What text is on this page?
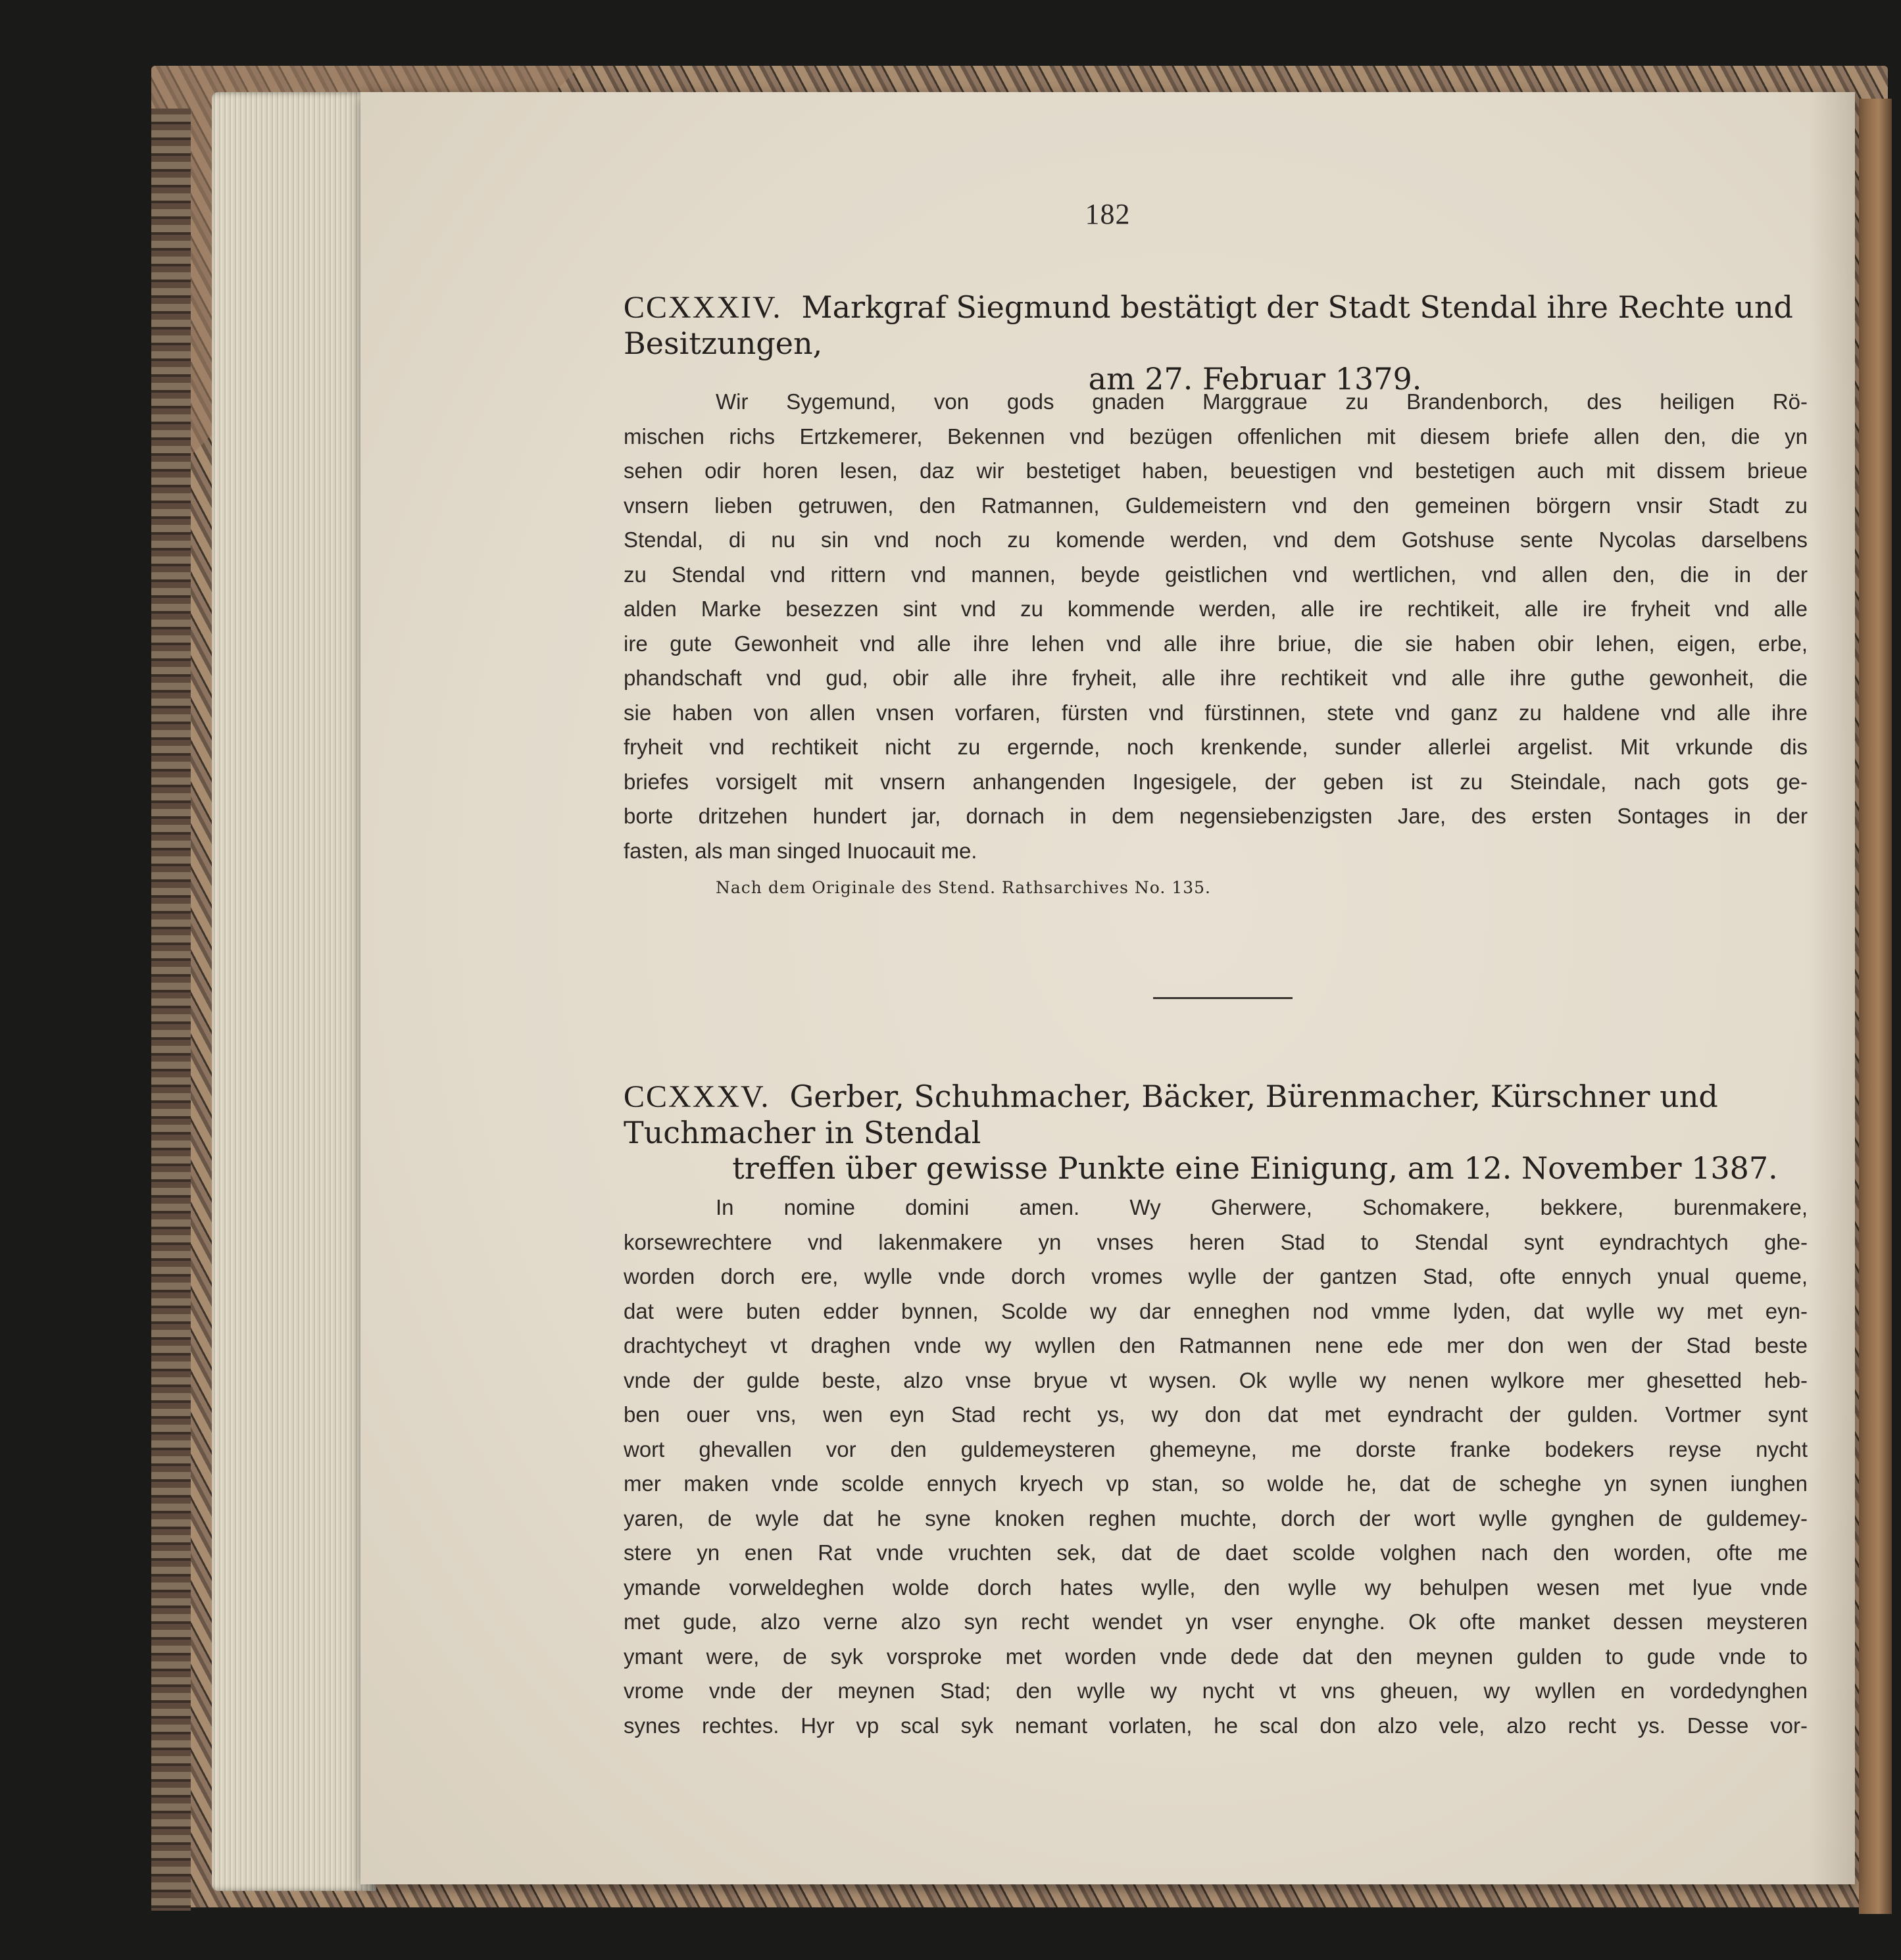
182
CCXXXIV. Markgraf Siegmund bestätigt der Stadt Stendal ihre Rechte und Besitzungen,
am 27. Februar 1379.
Wir Sygemund, von gods gnaden Marggraue zu Brandenborch, des heiligen Rö-
mischen richs Ertzkemerer, Bekennen vnd bezügen offenlichen mit diesem briefe allen den, die yn
sehen odir horen lesen, daz wir bestetiget haben, beuestigen vnd bestetigen auch mit dissem brieue
vnsern lieben getruwen, den Ratmannen, Guldemeistern vnd den gemeinen börgern vnsir Stadt zu
Stendal, di nu sin vnd noch zu komende werden, vnd dem Gotshuse sente Nycolas darselbens
zu Stendal vnd rittern vnd mannen, beyde geistlichen vnd wertlichen, vnd allen den, die in der
alden Marke besezzen sint vnd zu kommende werden, alle ire rechtikeit, alle ire fryheit vnd alle
ire gute Gewonheit vnd alle ihre lehen vnd alle ihre briue, die sie haben obir lehen, eigen, erbe,
phandschaft vnd gud, obir alle ihre fryheit, alle ihre rechtikeit vnd alle ihre guthe gewonheit, die
sie haben von allen vnsen vorfaren, fürsten vnd fürstinnen, stete vnd ganz zu haldene vnd alle ihre
fryheit vnd rechtikeit nicht zu ergernde, noch krenkende, sunder allerlei argelist. Mit vrkunde dis
briefes vorsigelt mit vnsern anhangenden Ingesigele, der geben ist zu Steindale, nach gots ge-
borte dritzehen hundert jar, dornach in dem negensiebenzigsten Jare, des ersten Sontages in der
fasten, als man singed Inuocauit me.
Nach dem Originale des Stend. Rathsarchives No. 135.
CCXXXV. Gerber, Schuhmacher, Bäcker, Bürenmacher, Kürschner und Tuchmacher in Stendal
treffen über gewisse Punkte eine Einigung, am 12. November 1387.
In nomine domini amen. Wy Gherwere, Schomakere, bekkere, burenmakere,
korsewrechtere vnd lakenmakere yn vnses heren Stad to Stendal synt eyndrachtych ghe-
worden dorch ere, wylle vnde dorch vromes wylle der gantzen Stad, ofte ennych ynual queme,
dat were buten edder bynnen, Scolde wy dar enneghen nod vmme lyden, dat wylle wy met eyn-
drachtycheyt vt draghen vnde wy wyllen den Ratmannen nene ede mer don wen der Stad beste
vnde der gulde beste, alzo vnse bryue vt wysen. Ok wylle wy nenen wylkore mer ghesetted heb-
ben ouer vns, wen eyn Stad recht ys, wy don dat met eyndracht der gulden. Vortmer synt
wort ghevallen vor den guldemeysteren ghemeyne, me dorste franke bodekers reyse nycht
mer maken vnde scolde ennych kryech vp stan, so wolde he, dat de scheghe yn synen iunghen
yaren, de wyle dat he syne knoken reghen muchte, dorch der wort wylle gynghen de guldemey-
stere yn enen Rat vnde vruchten sek, dat de daet scolde volghen nach den worden, ofte me
ymande vorweldeghen wolde dorch hates wylle, den wylle wy behulpen wesen met lyue vnde
met gude, alzo verne alzo syn recht wendet yn vser enynghe. Ok ofte manket dessen meysteren
ymant were, de syk vorsproke met worden vnde dede dat den meynen gulden to gude vnde to
vrome vnde der meynen Stad; den wylle wy nycht vt vns gheuen, wy wyllen en vordedynghen
synes rechtes. Hyr vp scal syk nemant vorlaten, he scal don alzo vele, alzo recht ys. Desse vor-
